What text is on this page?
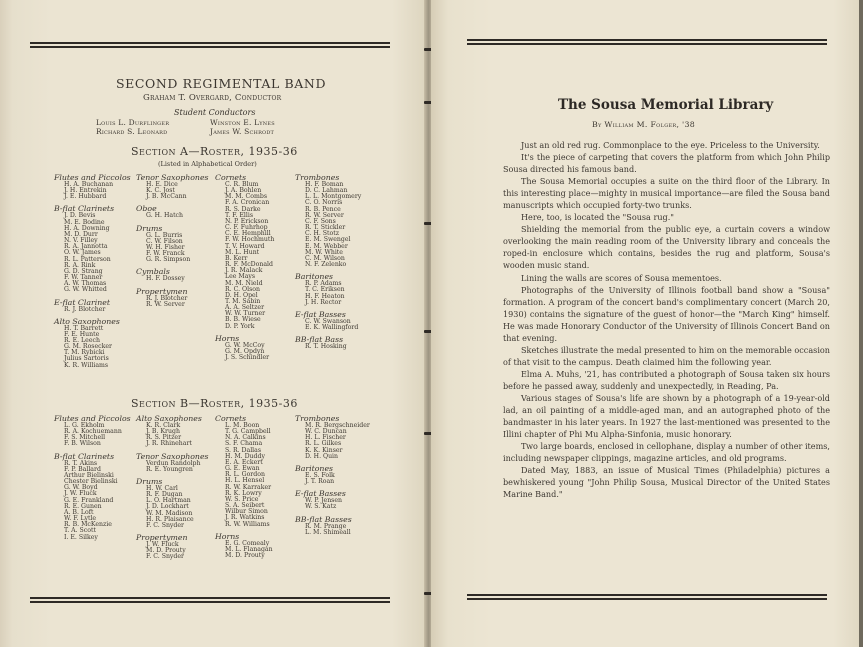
SECOND REGIMENTAL BAND
Graham T. Overgard, Conductor
Student Conductors
Louis L. Durflinger	Winston E. Lynes
Richard S. Leonard	James W. Schrodt
Section A—Roster, 1935-36
(Listed in Alphabetical Order)
Flutes and Piccolos
H. A. Buchanan
J. H. Entrekin
J. E. Hubbard
B-flat Clarinets
J. D. Bevis
M. E. Bodine
H. A. Downing
M. D. Durr
N. V. Filley
R. A. Jannotta
O. W. James
R. L. Patterson
R. A. Rink
G. D. Strang
F. W. Tanner
A. W. Thomas
G. W. Whitted
E-flat Clarinet
R. J. Blotcher
Alto Saxophones
H. T. Barrett
F. E. Hunte
R. E. Leech
G. M. Rosecker
T. M. Rybicki
Julius Sartoris
K. R. Williams
Tenor Saxophones
H. E. Dice
K. C. Jost
J. B. McCann
Oboe
G. H. Hatch
Drums
G. L. Burris
C. W. Filson
W. H. Fisher
F. W. Franck
G. R. Simpson
Cymbals
H. F. Dossey
Propertymen
R. J. Blotcher
R. W. Server
Cornets
C. R. Blum
J. A. Bohlen
M. M. Combs
F. A. Cronican
R. S. Darke
T. F. Ellis
N. P. Erickson
C. F. Fuhrhop
C. E. Hemphill
F. W. Hochmuth
T. V. Howard
M. L. Hunt
B. Kerr
R. F. McDonald
J. R. Malack
Lee Mays
M. M. Nield
R. C. Olson
D. H. Opel
T. M. Sabin
A. A. Seltzer
W. W. Turner
B. B. Wiese
D. P. York
Horns
G. W. McCoy
G. M. Opdyn
J. S. Schindler
Trombones
H. F. Boman
D. C. Lahman
L. L. Montgomery
C. O. Norris
R. B. Pence
R. W. Server
C. F. Sons
R. T. Stickler
C. H. Stotz
E. M. Swengel
E. M. Webber
M. W. White
C. M. Wilson
N. F. Zelenko
Baritones
R. P. Adams
T. C. Eriksen
H. F. Heaton
J. H. Rector
E-flat Basses
C. W. Swanson
E. K. Wallingford
BB-flat Bass
R. T. Hosking
Section B—Roster, 1935-36
Flutes and Piccolos
L. G. Ekholm
R. A. Kochuemann
F. S. Mitchell
F. B. Wilson
B-flat Clarinets
R. T. Akins
F. P. Ballard
Arthur Bielinski
Chester Bielinski
G. W. Boyd
J. W. Fluck
G. E. Frankland
R. E. Gunen
A. B. Loft
W. F. Lytle
R. B. McKenzie
T. A. Scott
I. E. Silkey
Alto Saxophones
K. R. Clark
J. B. Krugh
R. S. Pitzer
J. R. Rhinehart
Tenor Saxophones
Verdun Randolph
R. E. Youngren
Drums
H. W. Carl
R. F. Dugan
L. O. Hartman
J. D. Lockhart
W. M. Madison
H. R. Plaisance
F. C. Snyder
Propertymen
J. W. Fluck
M. D. Prouty
F. C. Snyder
Cornets
L. M. Boon
T. G. Campbell
N. A. Calkins
S. F. Chama
S. R. Dallas
H. M. Duddy
E. A. Eckert
G. E. Ewan
R. L. Gordon
H. L. Hensel
R. W. Karraker
R. K. Lowry
W. S. Price
S. A. Seibert
Wilbur Simon
J. R. Watkins
R. W. Williams
Horns
E. G. Comealy
M. L. Flanagan
M. D. Prouty
Trombones
M. R. Bergschneider
W. C. Duncan
H. L. Fischer
R. L. Gilkes
K. K. Kinser
D. H. Quin
Baritones
E. S. Folk
J. T. Roan
E-flat Basses
W. P. Jensen
W. S. Katz
BB-flat Basses
R. M. Prange
L. M. Shimeall
The Sousa Memorial Library
By William M. Folger, '38

Just an old red rug. Commonplace to the eye. Priceless to the University.

It's the piece of carpeting that covers the platform from which John Philip Sousa directed his famous band.

The Sousa Memorial occupies a suite on the third floor of the Library. In this interesting place—mighty in musical importance—are filed the Sousa band manuscripts which occupied forty-two trunks.

Here, too, is located the "Sousa rug."

Shielding the memorial from the public eye, a curtain covers a window overlooking the main reading room of the University library and conceals the roped-in enclosure which contains, besides the rug and platform, Sousa's wooden music stand.

Lining the walls are scores of Sousa mementoes.

Photographs of the University of Illinois football band show a "Sousa" formation. A program of the concert band's complimentary concert (March 20, 1930) contains the signature of the guest of honor—the "March King" himself. He was made Honorary Conductor of the University of Illinois Concert Band on that evening.

Sketches illustrate the medal presented to him on the memorable occasion of that visit to the campus. Death claimed him the following year.

Elma A. Muhs, '21, has contributed a photograph of Sousa taken six hours before he passed away, suddenly and unexpectedly, in Reading, Pa.

Various stages of Sousa's life are shown by a photograph of a 19-year-old lad, an oil painting of a middle-aged man, and an autographed photo of the bandmaster in his later years. In 1927 the last-mentioned was presented to the Illini chapter of Phi Mu Alpha-Sinfonia, music honorary.

Two large boards, enclosed in cellophane, display a number of other items, including newspaper clippings, magazine articles, and old programs.

Dated May, 1883, an issue of Musical Times (Philadelphia) pictures a bewhiskered young "John Philip Sousa, Musical Director of the United States Marine Band."
